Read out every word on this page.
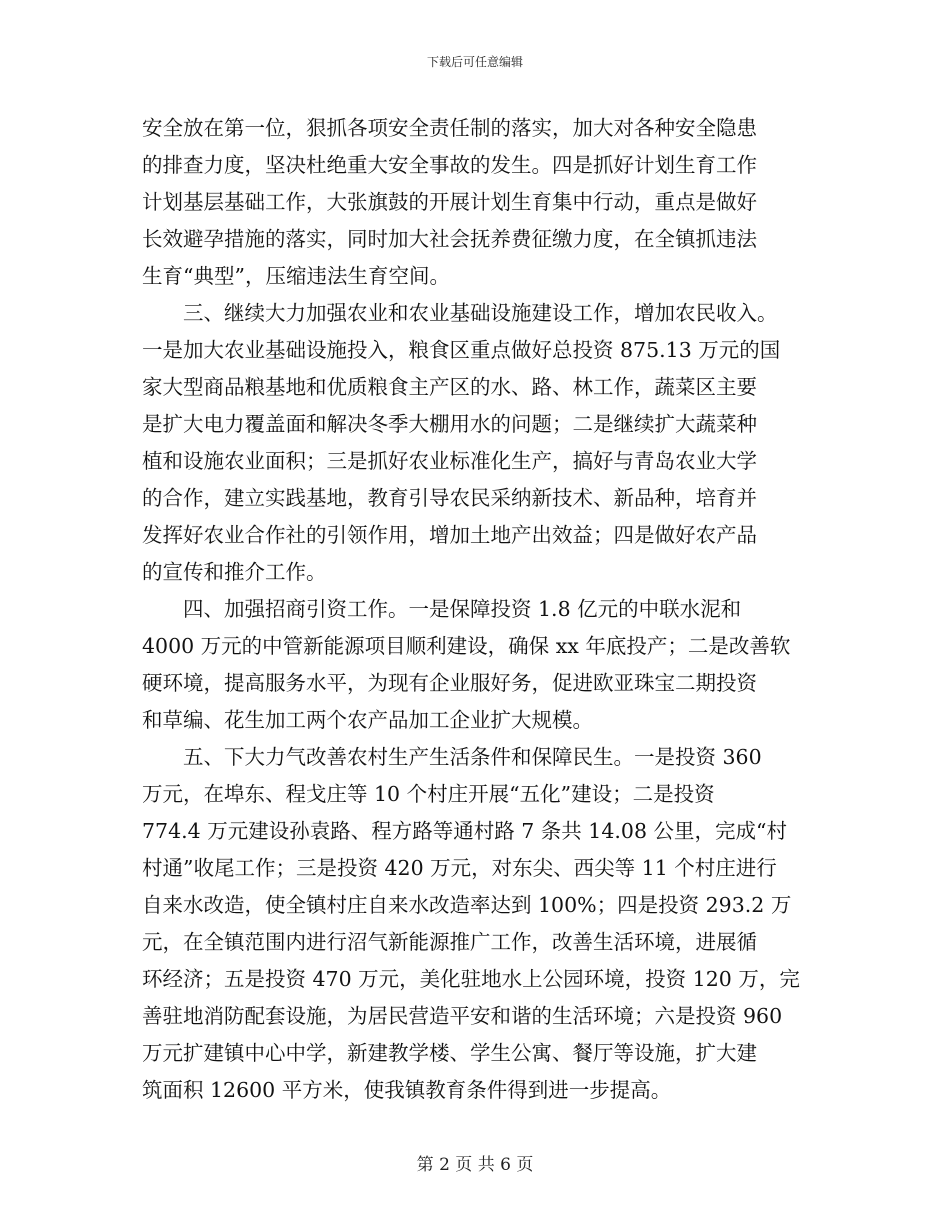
下载后可任意编辑
安全放在第一位，狠抓各项安全责任制的落实，加大对各种安全隐患
的排查力度，坚决杜绝重大安全事故的发生。四是抓好计划生育工作
计划基层基础工作，大张旗鼓的开展计划生育集中行动，重点是做好
长效避孕措施的落实，同时加大社会抚养费征缴力度，在全镇抓违法
生育“典型”，压缩违法生育空间。
三、继续大力加强农业和农业基础设施建设工作，增加农民收入。
一是加大农业基础设施投入，粮食区重点做好总投资 875.13 万元的国
家大型商品粮基地和优质粮食主产区的水、路、林工作，蔬菜区主要
是扩大电力覆盖面和解决冬季大棚用水的问题；二是继续扩大蔬菜种
植和设施农业面积；三是抓好农业标准化生产，搞好与青岛农业大学
的合作，建立实践基地，教育引导农民采纳新技术、新品种，培育并
发挥好农业合作社的引领作用，增加土地产出效益；四是做好农产品
的宣传和推介工作。
四、加强招商引资工作。一是保障投资 1.8 亿元的中联水泥和
4000 万元的中管新能源项目顺利建设，确保 xx 年底投产；二是改善软
硬环境，提高服务水平，为现有企业服好务，促进欧亚珠宝二期投资
和草编、花生加工两个农产品加工企业扩大规模。
五、下大力气改善农村生产生活条件和保障民生。一是投资 360
万元，在埠东、程戈庄等 10 个村庄开展“五化”建设；二是投资
774.4 万元建设孙袁路、程方路等通村路 7 条共 14.08 公里，完成“村
村通”收尾工作；三是投资 420 万元，对东尖、西尖等 11 个村庄进行
自来水改造，使全镇村庄自来水改造率达到 100%；四是投资 293.2 万
元，在全镇范围内进行沼气新能源推广工作，改善生活环境，进展循
环经济；五是投资 470 万元，美化驻地水上公园环境，投资 120 万，完
善驻地消防配套设施，为居民营造平安和谐的生活环境；六是投资 960
万元扩建镇中心中学，新建教学楼、学生公寓、餐厅等设施，扩大建
筑面积 12600 平方米，使我镇教育条件得到进一步提高。
第 2 页 共 6 页
